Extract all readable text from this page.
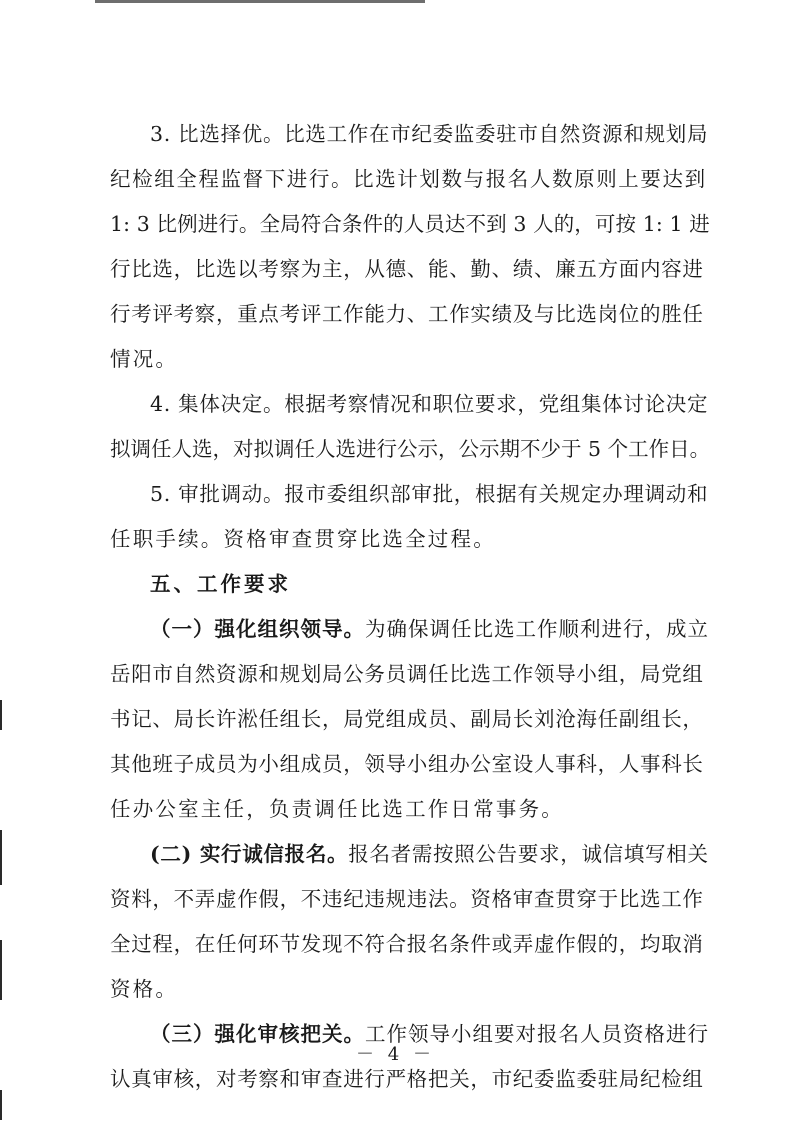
3. 比选择优。比选工作在市纪委监委驻市自然资源和规划局
纪检组全程监督下进行。比选计划数与报名人数原则上要达到
1: 3 比例进行。全局符合条件的人员达不到 3 人的，可按 1: 1 进
行比选，比选以考察为主，从德、能、勤、绩、廉五方面内容进
行考评考察，重点考评工作能力、工作实绩及与比选岗位的胜任
情况。
4. 集体决定。根据考察情况和职位要求，党组集体讨论决定
拟调任人选，对拟调任人选进行公示，公示期不少于 5 个工作日。
5. 审批调动。报市委组织部审批，根据有关规定办理调动和
任职手续。资格审查贯穿比选全过程。
五、工作要求
（一）强化组织领导。为确保调任比选工作顺利进行，成立
岳阳市自然资源和规划局公务员调任比选工作领导小组，局党组
书记、局长许淞任组长，局党组成员、副局长刘沧海任副组长，
其他班子成员为小组成员，领导小组办公室设人事科，人事科长
任办公室主任，负责调任比选工作日常事务。
(二) 实行诚信报名。报名者需按照公告要求，诚信填写相关
资料，不弄虚作假，不违纪违规违法。资格审查贯穿于比选工作
全过程，在任何环节发现不符合报名条件或弄虚作假的，均取消
资格。
（三）强化审核把关。工作领导小组要对报名人员资格进行
认真审核，对考察和审查进行严格把关，市纪委监委驻局纪检组
－ 4 －
